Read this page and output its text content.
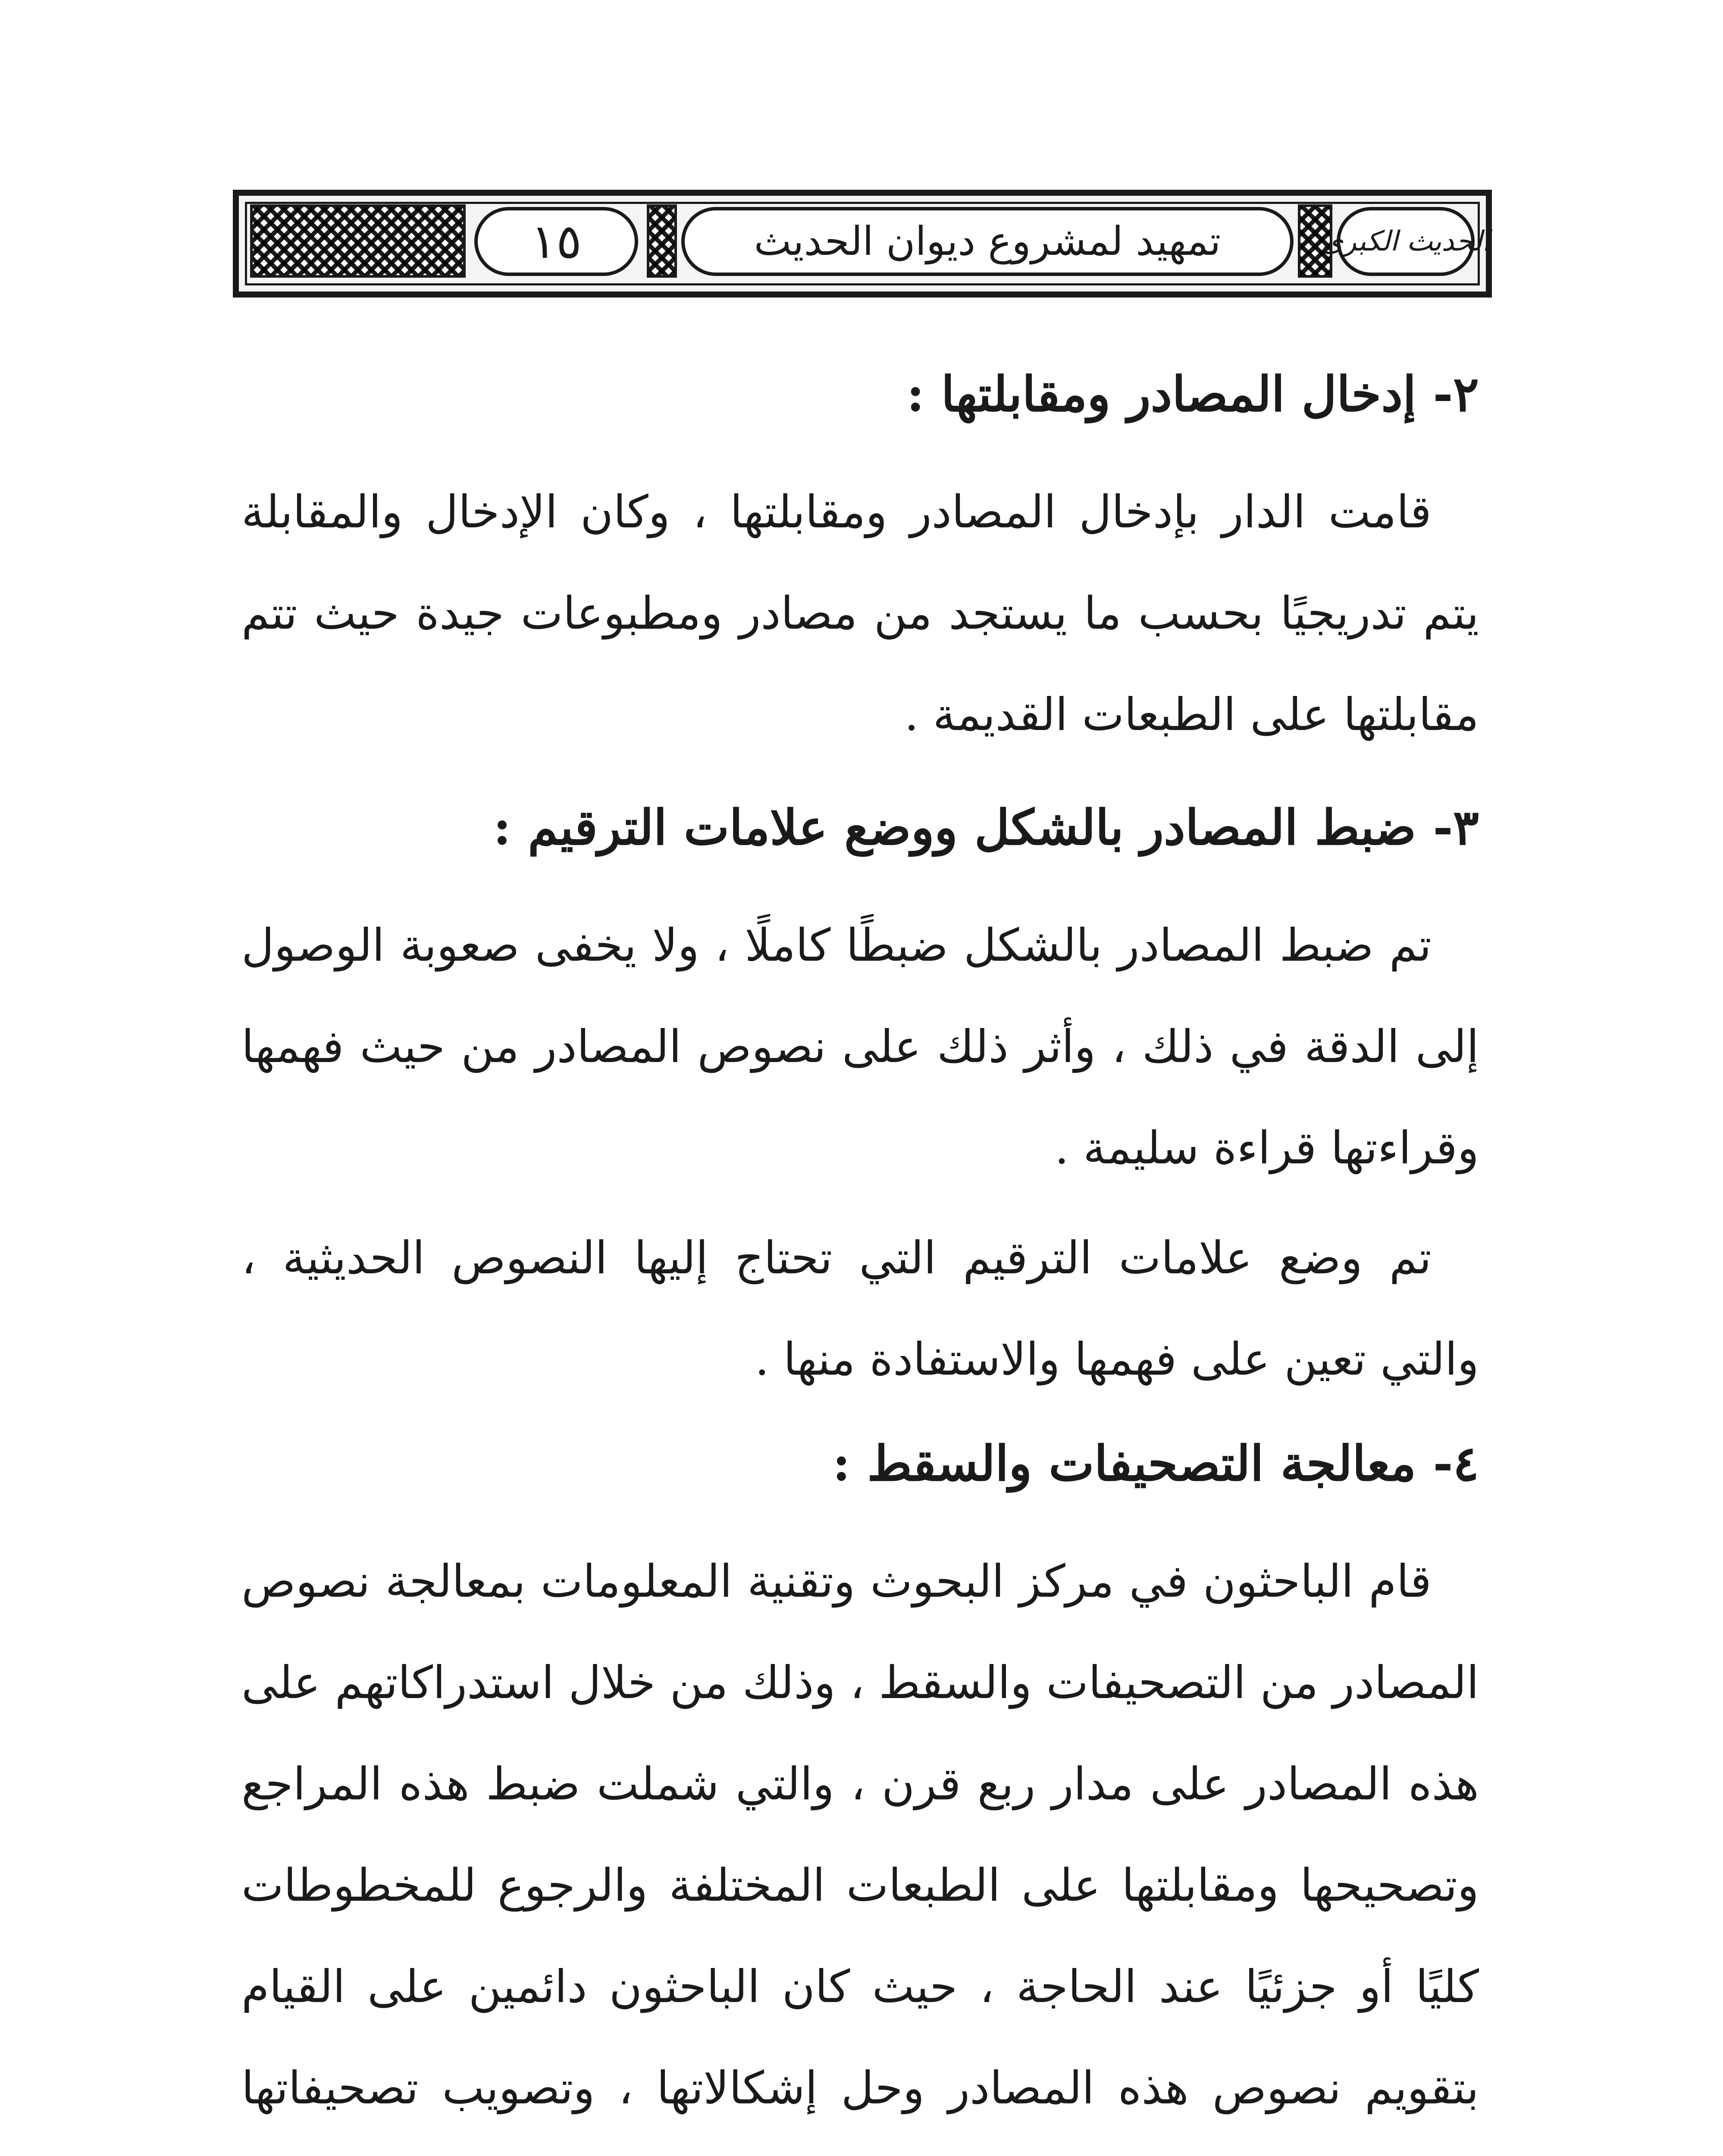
١٥	تمهيد لمشروع ديوان الحديث	الحديث الكبرى
٢- إدخال المصادر ومقابلتها :

قامت الدار بإدخال المصادر ومقابلتها ، وكان الإدخال والمقابلة يتم تدريجيًا بحسب ما يستجد من مصادر ومطبوعات جيدة حيث تتم مقابلتها على الطبعات القديمة .

٣- ضبط المصادر بالشكل ووضع علامات الترقيم :

تم ضبط المصادر بالشكل ضبطًا كاملًا ، ولا يخفى صعوبة الوصول إلى الدقة في ذلك ، وأثر ذلك على نصوص المصادر من حيث فهمها وقراءتها قراءة سليمة .

تم وضع علامات الترقيم التي تحتاج إليها النصوص الحديثية ، والتي تعين على فهمها والاستفادة منها .

٤- معالجة التصحيفات والسقط :

قام الباحثون في مركز البحوث وتقنية المعلومات بمعالجة نصوص المصادر من التصحيفات والسقط ، وذلك من خلال استدراكاتهم على هذه المصادر على مدار ربع قرن ، والتي شملت ضبط هذه المراجع وتصحيحها ومقابلتها على الطبعات المختلفة والرجوع للمخطوطات كليًا أو جزئيًا عند الحاجة ، حيث كان الباحثون دائمين على القيام بتقويم نصوص هذه المصادر وحل إشكالاتها ، وتصويب تصحيفاتها
